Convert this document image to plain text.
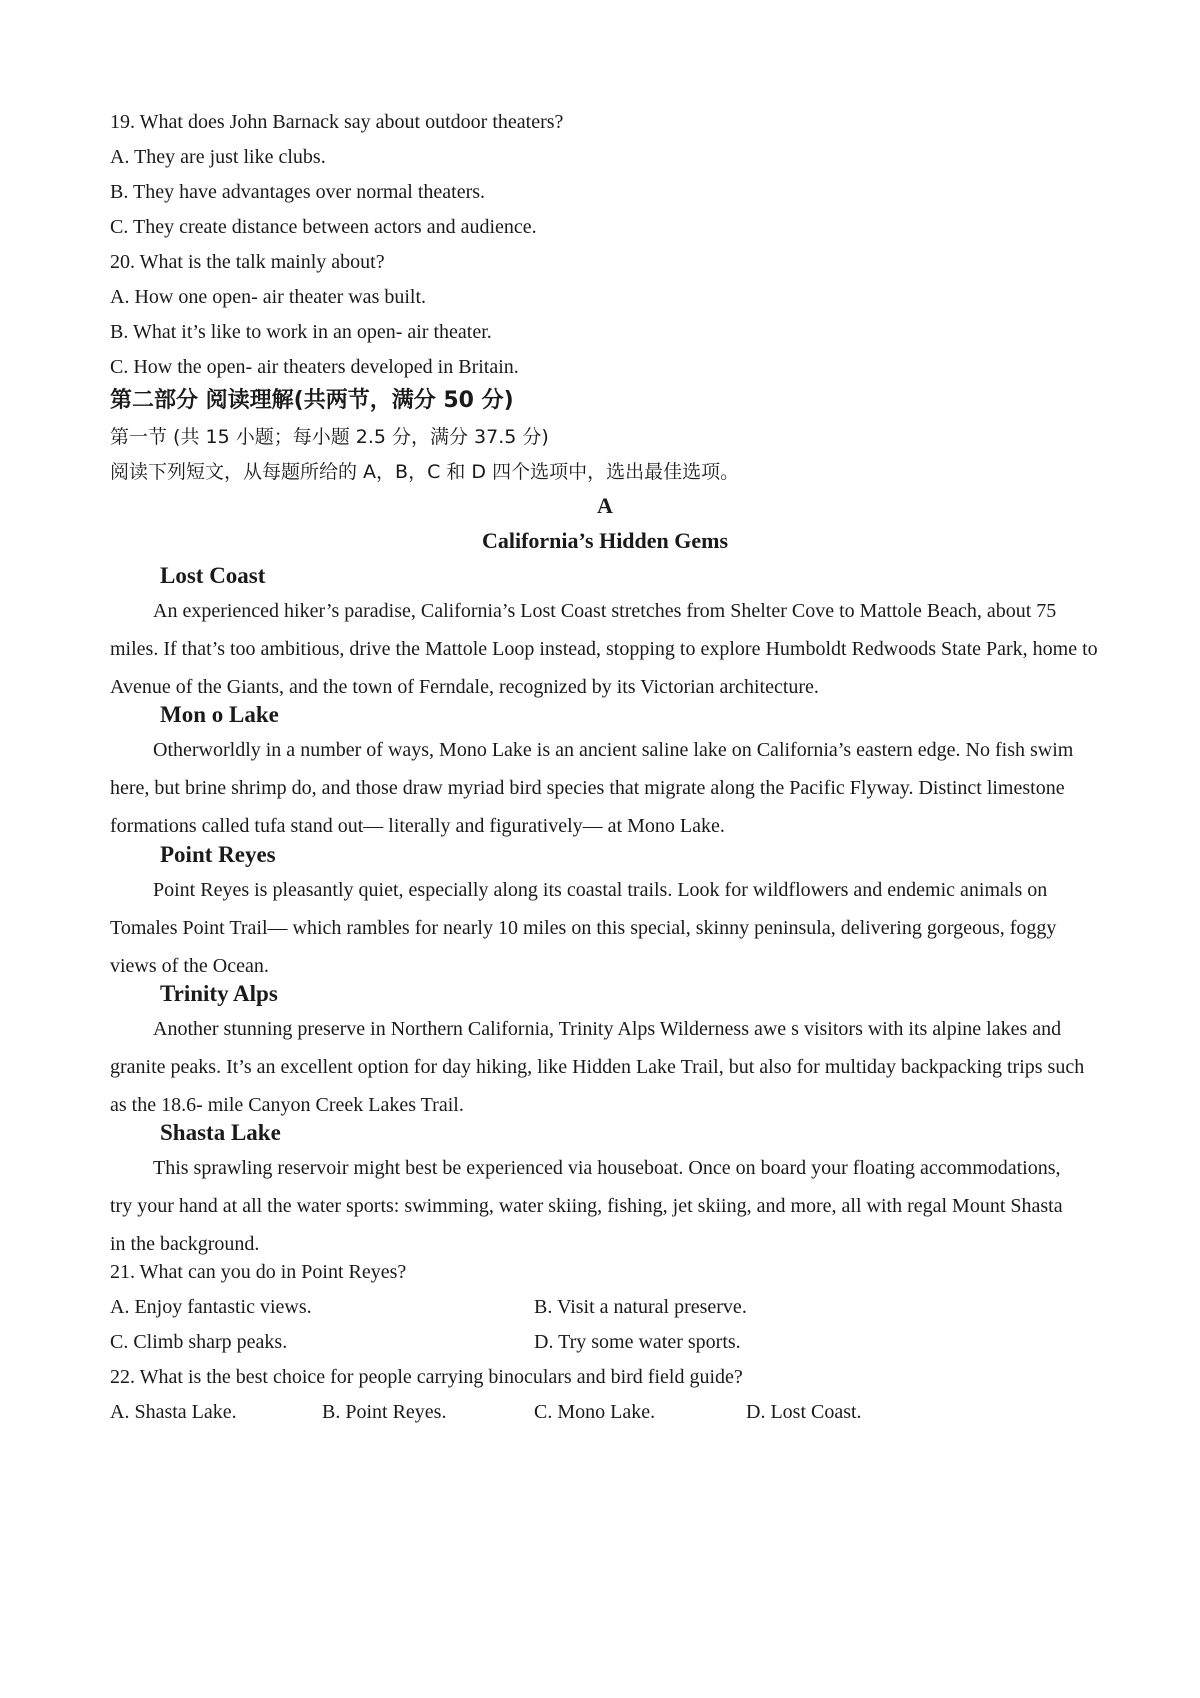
19. What does John Barnack say about outdoor theaters?
A. They are just like clubs.
B. They have advantages over normal theaters.
C. They create distance between actors and audience.
20. What is the talk mainly about?
A. How one open- air theater was built.
B. What it’s like to work in an open- air theater.
C. How the open- air theaters developed in Britain.
第二部分 阅读理解(共两节，满分 50 分)
第一节 (共 15 小题；每小题 2.5 分，满分 37.5 分)
阅读下列短文，从每题所给的 A，B，C 和 D 四个选项中，选出最佳选项。
A
California’s Hidden Gems
Lost Coast
An experienced hiker’s paradise, California’s Lost Coast stretches from Shelter Cove to Mattole Beach, about 75 miles. If that’s too ambitious, drive the Mattole Loop instead, stopping to explore Humboldt Redwoods State Park, home to Avenue of the Giants, and the town of Ferndale, recognized by its Victorian architecture.
Mon o Lake
Otherworldly in a number of ways, Mono Lake is an ancient saline lake on California’s eastern edge. No fish swim here, but brine shrimp do, and those draw myriad bird species that migrate along the Pacific Flyway. Distinct limestone formations called tufa stand out— literally and figuratively— at Mono Lake.
Point Reyes
Point Reyes is pleasantly quiet, especially along its coastal trails. Look for wildflowers and endemic animals on Tomales Point Trail— which rambles for nearly 10 miles on this special, skinny peninsula, delivering gorgeous, foggy views of the Ocean.
Trinity Alps
Another stunning preserve in Northern California, Trinity Alps Wilderness awe s visitors with its alpine lakes and granite peaks. It’s an excellent option for day hiking, like Hidden Lake Trail, but also for multiday backpacking trips such as the 18.6- mile Canyon Creek Lakes Trail.
Shasta Lake
This sprawling reservoir might best be experienced via houseboat. Once on board your floating accommodations, try your hand at all the water sports: swimming, water skiing, fishing, jet skiing, and more, all with regal Mount Shasta in the background.
21. What can you do in Point Reyes?
A. Enjoy fantastic views.	B. Visit a natural preserve.
C. Climb sharp peaks.	D. Try some water sports.
22. What is the best choice for people carrying binoculars and bird field guide?
A. Shasta Lake.	B. Point Reyes.	C. Mono Lake.	D. Lost Coast.
